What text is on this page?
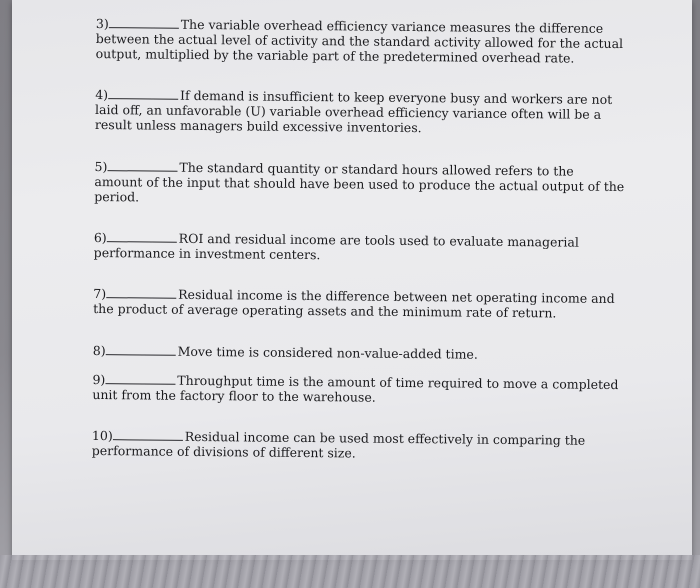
3)	The variable overhead efficiency variance measures the difference between the actual level of activity and the standard activity allowed for the actual output, multiplied by the variable part of the predetermined overhead rate.
4)	If demand is insufficient to keep everyone busy and workers are not laid off, an unfavorable (U) variable overhead efficiency variance often will be a result unless managers build excessive inventories.
5)	The standard quantity or standard hours allowed refers to the amount of the input that should have been used to produce the actual output of the period.
6)	ROI and residual income are tools used to evaluate managerial performance in investment centers.
7)	Residual income is the difference between net operating income and the product of average operating assets and the minimum rate of return.
8)	Move time is considered non-value-added time.
9)	Throughput time is the amount of time required to move a completed unit from the factory floor to the warehouse.
10)	Residual income can be used most effectively in comparing the performance of divisions of different size.
